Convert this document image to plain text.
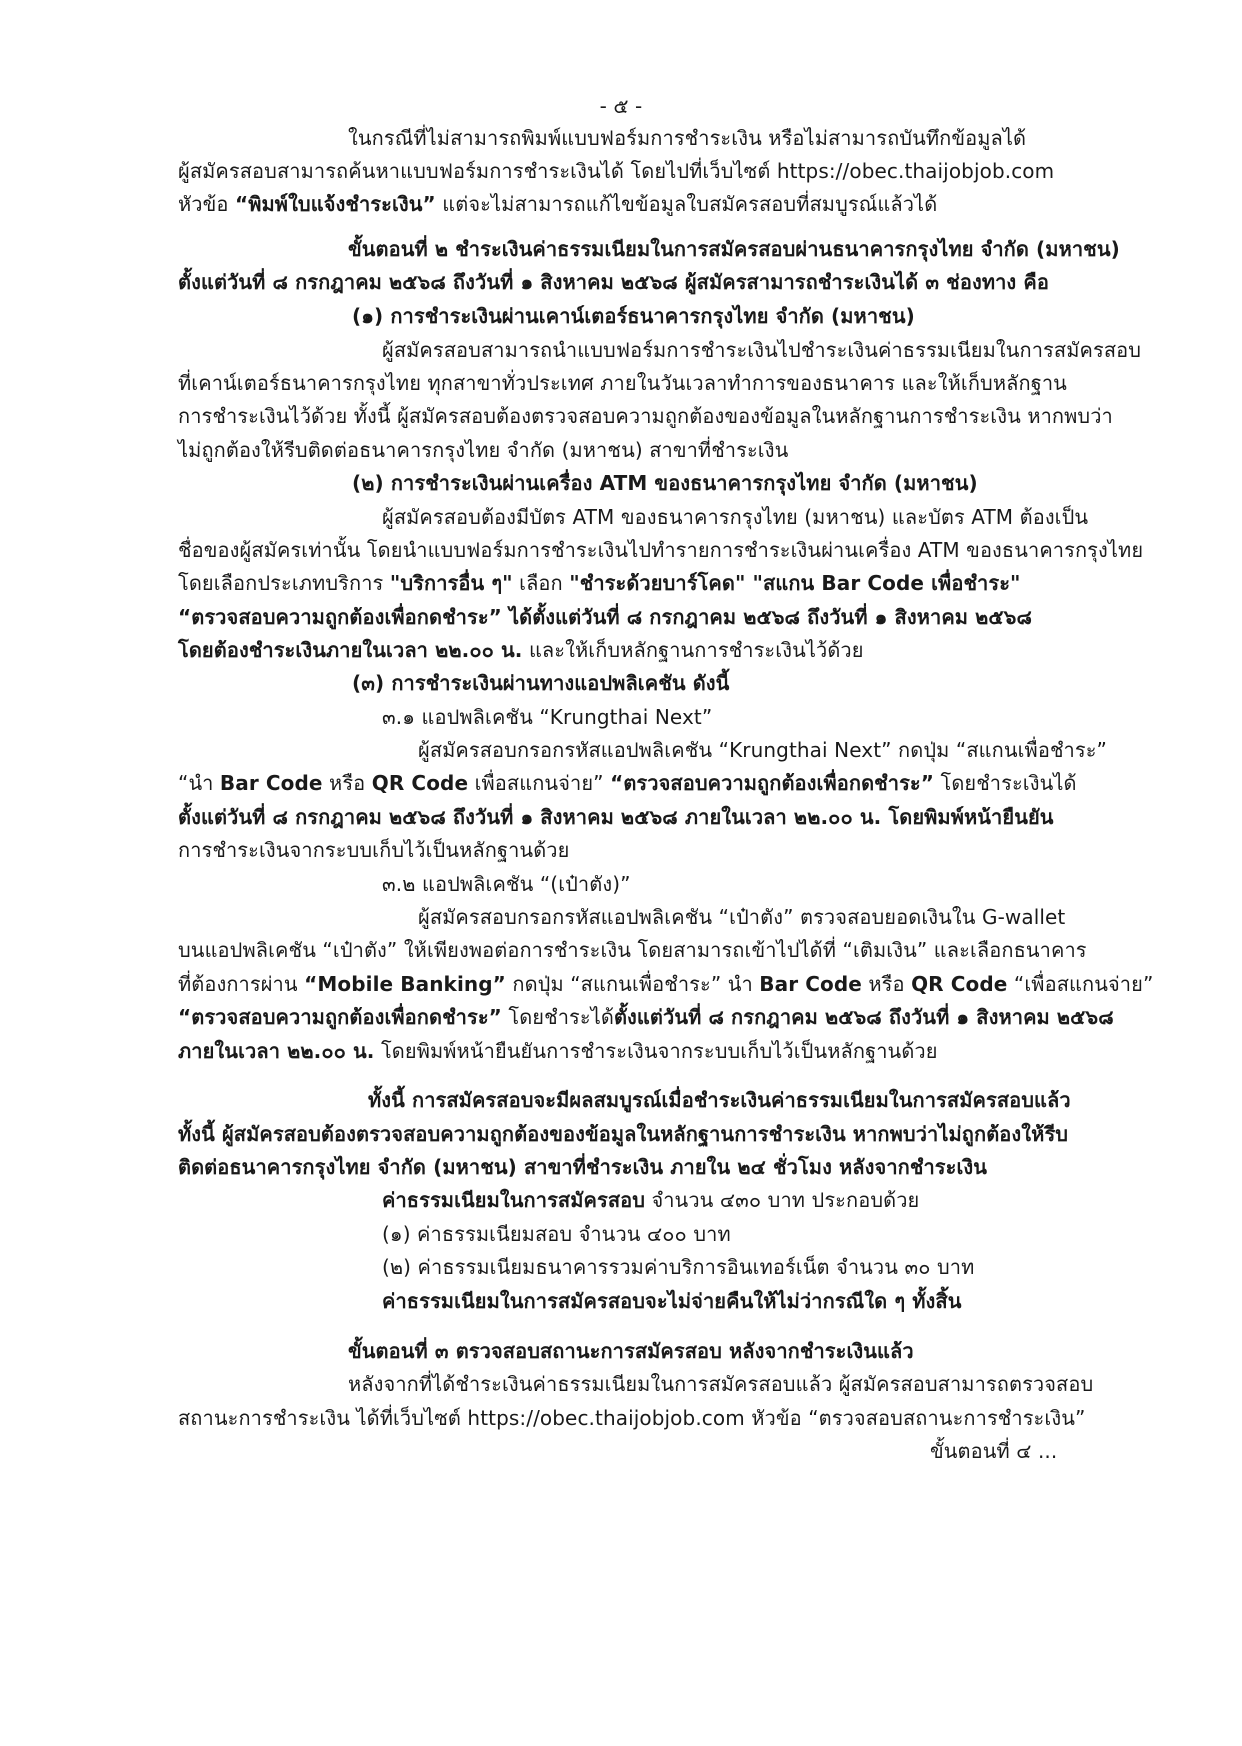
- ๕ -
ในกรณีที่ไม่สามารถพิมพ์แบบฟอร์มการชำระเงิน หรือไม่สามารถบันทึกข้อมูลได้
ผู้สมัครสอบสามารถค้นหาแบบฟอร์มการชำระเงินได้ โดยไปที่เว็บไซต์ https://obec.thaijobjob.com
หัวข้อ “พิมพ์ใบแจ้งชำระเงิน” แต่จะไม่สามารถแก้ไขข้อมูลใบสมัครสอบที่สมบูรณ์แล้วได้
ขั้นตอนที่ ๒ ชำระเงินค่าธรรมเนียมในการสมัครสอบผ่านธนาคารกรุงไทย จำกัด (มหาชน)
ตั้งแต่วันที่ ๘ กรกฎาคม ๒๕๖๘ ถึงวันที่ ๑ สิงหาคม ๒๕๖๘ ผู้สมัครสามารถชำระเงินได้ ๓ ช่องทาง คือ
(๑) การชำระเงินผ่านเคาน์เตอร์ธนาคารกรุงไทย จำกัด (มหาชน)
ผู้สมัครสอบสามารถนำแบบฟอร์มการชำระเงินไปชำระเงินค่าธรรมเนียมในการสมัครสอบ
ที่เคาน์เตอร์ธนาคารกรุงไทย ทุกสาขาทั่วประเทศ ภายในวันเวลาทำการของธนาคาร และให้เก็บหลักฐาน
การชำระเงินไว้ด้วย ทั้งนี้ ผู้สมัครสอบต้องตรวจสอบความถูกต้องของข้อมูลในหลักฐานการชำระเงิน หากพบว่า
ไม่ถูกต้องให้รีบติดต่อธนาคารกรุงไทย จำกัด (มหาชน) สาขาที่ชำระเงิน
(๒) การชำระเงินผ่านเครื่อง ATM ของธนาคารกรุงไทย จำกัด (มหาชน)
ผู้สมัครสอบต้องมีบัตร ATM ของธนาคารกรุงไทย (มหาชน) และบัตร ATM ต้องเป็น
ชื่อของผู้สมัครเท่านั้น โดยนำแบบฟอร์มการชำระเงินไปทำรายการชำระเงินผ่านเครื่อง ATM ของธนาคารกรุงไทย
โดยเลือกประเภทบริการ "บริการอื่น ๆ" เลือก "ชำระด้วยบาร์โคด" "สแกน Bar Code เพื่อชำระ"
“ตรวจสอบความถูกต้องเพื่อกดชำระ” ได้ตั้งแต่วันที่ ๘ กรกฎาคม ๒๕๖๘ ถึงวันที่ ๑ สิงหาคม ๒๕๖๘
โดยต้องชำระเงินภายในเวลา ๒๒.๐๐ น. และให้เก็บหลักฐานการชำระเงินไว้ด้วย
(๓) การชำระเงินผ่านทางแอปพลิเคชัน ดังนี้
๓.๑ แอปพลิเคชัน “Krungthai Next”
ผู้สมัครสอบกรอกรหัสแอปพลิเคชัน “Krungthai Next” กดปุ่ม “สแกนเพื่อชำระ”
“นำ Bar Code หรือ QR Code เพื่อสแกนจ่าย” “ตรวจสอบความถูกต้องเพื่อกดชำระ” โดยชำระเงินได้
ตั้งแต่วันที่ ๘ กรกฎาคม ๒๕๖๘ ถึงวันที่ ๑ สิงหาคม ๒๕๖๘ ภายในเวลา ๒๒.๐๐ น. โดยพิมพ์หน้ายืนยัน
การชำระเงินจากระบบเก็บไว้เป็นหลักฐานด้วย
๓.๒ แอปพลิเคชัน “(เป๋าตัง)”
ผู้สมัครสอบกรอกรหัสแอปพลิเคชัน “เป๋าตัง” ตรวจสอบยอดเงินใน G-wallet
บนแอปพลิเคชัน “เป๋าตัง” ให้เพียงพอต่อการชำระเงิน โดยสามารถเข้าไปได้ที่ “เติมเงิน” และเลือกธนาคาร
ที่ต้องการผ่าน “Mobile Banking” กดปุ่ม “สแกนเพื่อชำระ” นำ Bar Code หรือ QR Code “เพื่อสแกนจ่าย”
“ตรวจสอบความถูกต้องเพื่อกดชำระ” โดยชำระได้ตั้งแต่วันที่ ๘ กรกฎาคม ๒๕๖๘ ถึงวันที่ ๑ สิงหาคม ๒๕๖๘
ภายในเวลา ๒๒.๐๐ น. โดยพิมพ์หน้ายืนยันการชำระเงินจากระบบเก็บไว้เป็นหลักฐานด้วย
ทั้งนี้ การสมัครสอบจะมีผลสมบูรณ์เมื่อชำระเงินค่าธรรมเนียมในการสมัครสอบแล้ว
ทั้งนี้ ผู้สมัครสอบต้องตรวจสอบความถูกต้องของข้อมูลในหลักฐานการชำระเงิน หากพบว่าไม่ถูกต้องให้รีบ
ติดต่อธนาคารกรุงไทย จำกัด (มหาชน) สาขาที่ชำระเงิน ภายใน ๒๔ ชั่วโมง หลังจากชำระเงิน
ค่าธรรมเนียมในการสมัครสอบ จำนวน ๔๓๐ บาท ประกอบด้วย
(๑) ค่าธรรมเนียมสอบ จำนวน ๔๐๐ บาท
(๒) ค่าธรรมเนียมธนาคารรวมค่าบริการอินเทอร์เน็ต จำนวน ๓๐ บาท
ค่าธรรมเนียมในการสมัครสอบจะไม่จ่ายคืนให้ไม่ว่ากรณีใด ๆ ทั้งสิ้น
ขั้นตอนที่ ๓ ตรวจสอบสถานะการสมัครสอบ หลังจากชำระเงินแล้ว
หลังจากที่ได้ชำระเงินค่าธรรมเนียมในการสมัครสอบแล้ว ผู้สมัครสอบสามารถตรวจสอบ
สถานะการชำระเงิน ได้ที่เว็บไซต์ https://obec.thaijobjob.com หัวข้อ “ตรวจสอบสถานะการชำระเงิน”
ขั้นตอนที่ ๔ ...
